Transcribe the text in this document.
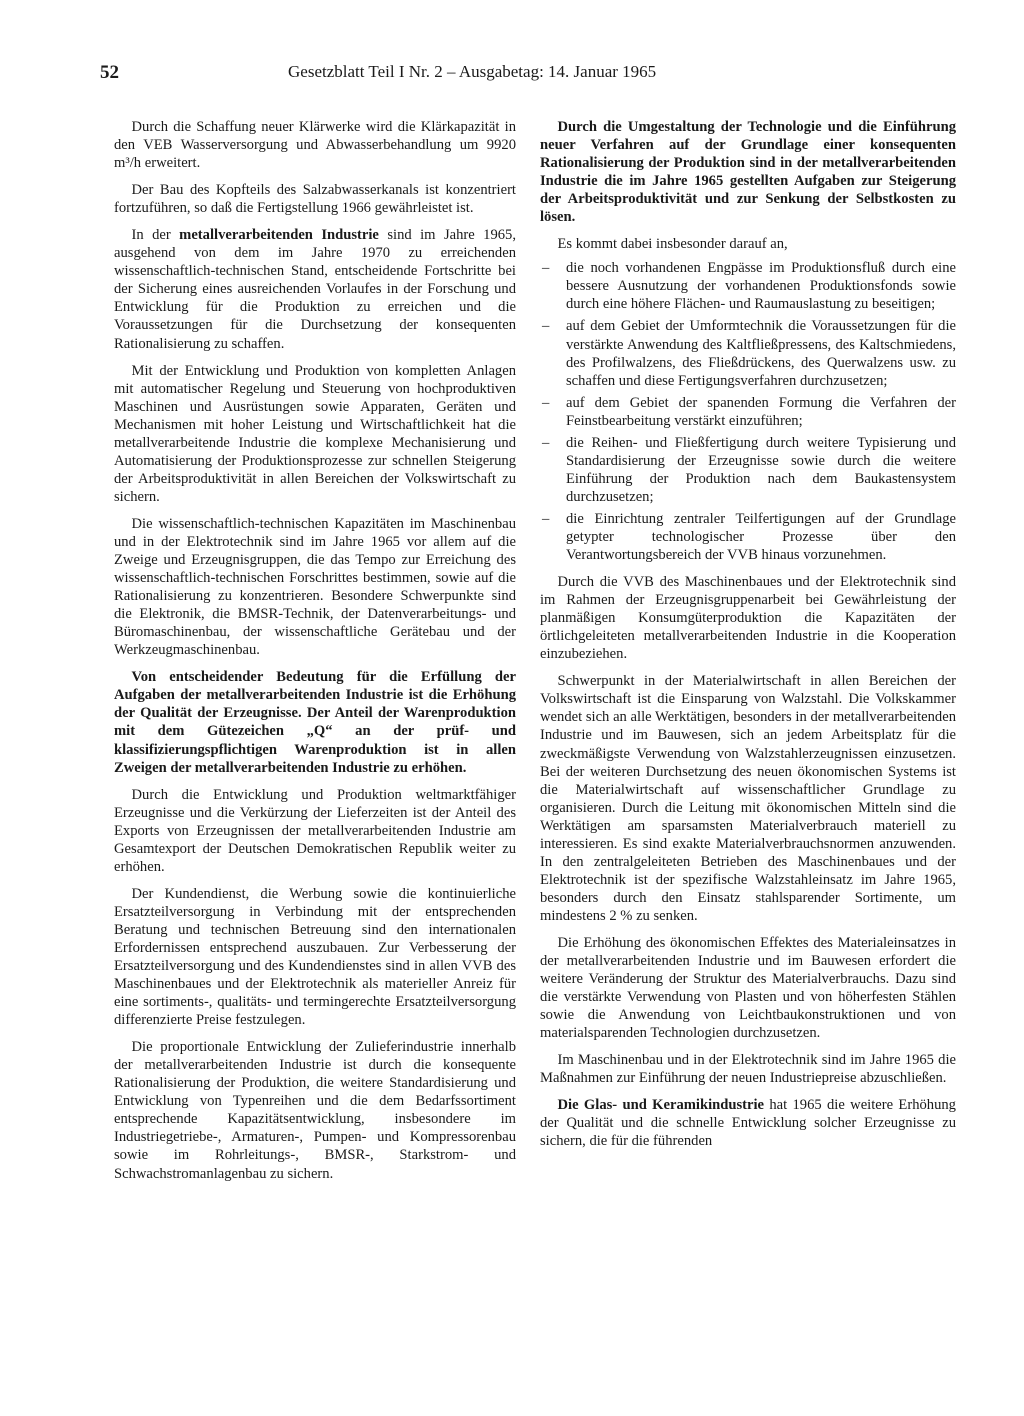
52	Gesetzblatt Teil I Nr. 2 – Ausgabetag: 14. Januar 1965

Durch die Schaffung neuer Klärwerke wird die Klärkapazität in den VEB Wasserversorgung und Abwasserbehandlung um 9920 m³/h erweitert.

Der Bau des Kopfteils des Salzabwasserkanals ist konzentriert fortzuführen, so daß die Fertigstellung 1966 gewährleistet ist.

In der metallverarbeitenden Industrie sind im Jahre 1965, ausgehend von dem im Jahre 1970 zu erreichenden wissenschaftlich-technischen Stand, entscheidende Fortschritte bei der Sicherung eines ausreichenden Vorlaufes in der Forschung und Entwicklung für die Produktion zu erreichen und die Voraussetzungen für die Durchsetzung der konsequenten Rationalisierung zu schaffen.

Mit der Entwicklung und Produktion von kompletten Anlagen mit automatischer Regelung und Steuerung von hochproduktiven Maschinen und Ausrüstungen sowie Apparaten, Geräten und Mechanismen mit hoher Leistung und Wirtschaftlichkeit hat die metallverarbeitende Industrie die komplexe Mechanisierung und Automatisierung der Produktionsprozesse zur schnellen Steigerung der Arbeitsproduktivität in allen Bereichen der Volkswirtschaft zu sichern.

Die wissenschaftlich-technischen Kapazitäten im Maschinenbau und in der Elektrotechnik sind im Jahre 1965 vor allem auf die Zweige und Erzeugnisgruppen, die das Tempo zur Erreichung des wissenschaftlich-technischen Forschrittes bestimmen, sowie auf die Rationalisierung zu konzentrieren. Besondere Schwerpunkte sind die Elektronik, die BMSR-Technik, der Datenverarbeitungs- und Büromaschinenbau, der wissenschaftliche Gerätebau und der Werkzeugmaschinenbau.

Von entscheidender Bedeutung für die Erfüllung der Aufgaben der metallverarbeitenden Industrie ist die Erhöhung der Qualität der Erzeugnisse. Der Anteil der Warenproduktion mit dem Gütezeichen „Q“ an der prüf- und klassifizierungspflichtigen Warenproduktion ist in allen Zweigen der metallverarbeitenden Industrie zu erhöhen.

Durch die Entwicklung und Produktion weltmarktfähiger Erzeugnisse und die Verkürzung der Lieferzeiten ist der Anteil des Exports von Erzeugnissen der metallverarbeitenden Industrie am Gesamtexport der Deutschen Demokratischen Republik weiter zu erhöhen.

Der Kundendienst, die Werbung sowie die kontinuierliche Ersatzteilversorgung in Verbindung mit der entsprechenden Beratung und technischen Betreuung sind den internationalen Erfordernissen entsprechend auszubauen. Zur Verbesserung der Ersatzteilversorgung und des Kundendienstes sind in allen VVB des Maschinenbaues und der Elektrotechnik als materieller Anreiz für eine sortiments-, qualitäts- und termingerechte Ersatzteilversorgung differenzierte Preise festzulegen.

Die proportionale Entwicklung der Zulieferindustrie innerhalb der metallverarbeitenden Industrie ist durch die konsequente Rationalisierung der Produktion, die weitere Standardisierung und Entwicklung von Typenreihen und die dem Bedarfssortiment entsprechende Kapazitätsentwicklung, insbesondere im Industriegetriebe-, Armaturen-, Pumpen- und Kompressorenbau sowie im Rohrleitungs-, BMSR-, Starkstrom- und Schwachstromanlagenbau zu sichern.

Durch die Umgestaltung der Technologie und die Einführung neuer Verfahren auf der Grundlage einer konsequenten Rationalisierung der Produktion sind in der metallverarbeitenden Industrie die im Jahre 1965 gestellten Aufgaben zur Steigerung der Arbeitsproduktivität und zur Senkung der Selbstkosten zu lösen.

Es kommt dabei insbesonder darauf an,

– die noch vorhandenen Engpässe im Produktionsfluß durch eine bessere Ausnutzung der vorhandenen Produktionsfonds sowie durch eine höhere Flächen- und Raumauslastung zu beseitigen;
– auf dem Gebiet der Umformtechnik die Voraussetzungen für die verstärkte Anwendung des Kaltfließpressens, des Kaltschmiedens, des Profilwalzens, des Fließdrückens, des Querwalzens usw. zu schaffen und diese Fertigungsverfahren durchzusetzen;
– auf dem Gebiet der spanenden Formung die Verfahren der Feinstbearbeitung verstärkt einzuführen;
– die Reihen- und Fließfertigung durch weitere Typisierung und Standardisierung der Erzeugnisse sowie durch die weitere Einführung der Produktion nach dem Baukastensystem durchzusetzen;
– die Einrichtung zentraler Teilfertigungen auf der Grundlage getypter technologischer Prozesse über den Verantwortungsbereich der VVB hinaus vorzunehmen.

Durch die VVB des Maschinenbaues und der Elektrotechnik sind im Rahmen der Erzeugnisgruppenarbeit bei Gewährleistung der planmäßigen Konsumgüterproduktion die Kapazitäten der örtlichgeleiteten metallverarbeitenden Industrie in die Kooperation einzubeziehen.

Schwerpunkt in der Materialwirtschaft in allen Bereichen der Volkswirtschaft ist die Einsparung von Walzstahl. Die Volkskammer wendet sich an alle Werktätigen, besonders in der metallverarbeitenden Industrie und im Bauwesen, sich an jedem Arbeitsplatz für die zweckmäßigste Verwendung von Walzstahlerzeugnissen einzusetzen. Bei der weiteren Durchsetzung des neuen ökonomischen Systems ist die Materialwirtschaft auf wissenschaftlicher Grundlage zu organisieren. Durch die Leitung mit ökonomischen Mitteln sind die Werktätigen am sparsamsten Materialverbrauch materiell zu interessieren. Es sind exakte Materialverbrauchsnormen anzuwenden. In den zentralgeleiteten Betrieben des Maschinenbaues und der Elektrotechnik ist der spezifische Walzstahleinsatz im Jahre 1965, besonders durch den Einsatz stahlsparender Sortimente, um mindestens 2 % zu senken.

Die Erhöhung des ökonomischen Effektes des Materialeinsatzes in der metallverarbeitenden Industrie und im Bauwesen erfordert die weitere Veränderung der Struktur des Materialverbrauchs. Dazu sind die verstärkte Verwendung von Plasten und von höherfesten Stählen sowie die Anwendung von Leichtbaukonstruktionen und von materialsparenden Technologien durchzusetzen.

Im Maschinenbau und in der Elektrotechnik sind im Jahre 1965 die Maßnahmen zur Einführung der neuen Industriepreise abzuschließen.

Die Glas- und Keramikindustrie hat 1965 die weitere Erhöhung der Qualität und die schnelle Entwicklung solcher Erzeugnisse zu sichern, die für die führenden
